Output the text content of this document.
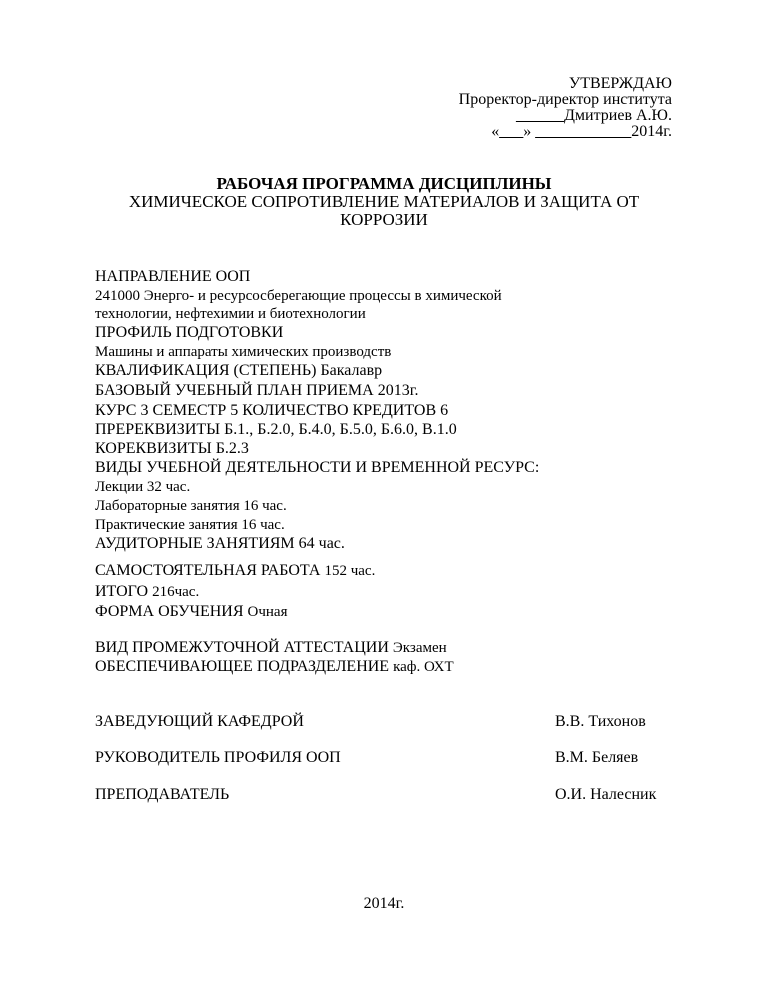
УТВЕРЖДАЮ
Проректор-директор института
__ Дмитриев А.Ю.
«___» ____________2014г.
РАБОЧАЯ ПРОГРАММА ДИСЦИПЛИНЫ
ХИМИЧЕСКОЕ СОПРОТИВЛЕНИЕ МАТЕРИАЛОВ И ЗАЩИТА ОТ КОРРОЗИИ
НАПРАВЛЕНИЕ ООП
241000 Энерго- и ресурсосберегающие процессы в химической
технологии, нефтехимии и биотехнологии
ПРОФИЛЬ ПОДГОТОВКИ
Машины и аппараты химических производств
КВАЛИФИКАЦИЯ (СТЕПЕНЬ) Бакалавр
БАЗОВЫЙ УЧЕБНЫЙ ПЛАН ПРИЕМА 2013г.
КУРС 3 СЕМЕСТР 5 КОЛИЧЕСТВО КРЕДИТОВ 6
ПРЕРЕКВИЗИТЫ Б.1., Б.2.0, Б.4.0, Б.5.0, Б.6.0, В.1.0
КОРЕКВИЗИТЫ Б.2.3
ВИДЫ УЧЕБНОЙ ДЕЯТЕЛЬНОСТИ И ВРЕМЕННОЙ РЕСУРС:
Лекции 32 час.
Лабораторные занятия 16 час.
Практические занятия 16 час.
АУДИТОРНЫЕ ЗАНЯТИЯМ 64 час.
САМОСТОЯТЕЛЬНАЯ РАБОТА 152 час.
ИТОГО 216час.
ФОРМА ОБУЧЕНИЯ Очная
ВИД ПРОМЕЖУТОЧНОЙ АТТЕСТАЦИИ Экзамен
ОБЕСПЕЧИВАЮЩЕЕ ПОДРАЗДЕЛЕНИЕ каф. ОХТ
ЗАВЕДУЮЩИЙ КАФЕДРОЙ	В.В. Тихонов
РУКОВОДИТЕЛЬ ПРОФИЛЯ ООП	В.М. Беляев
ПРЕПОДАВАТЕЛЬ	О.И. Налесник
2014г.
